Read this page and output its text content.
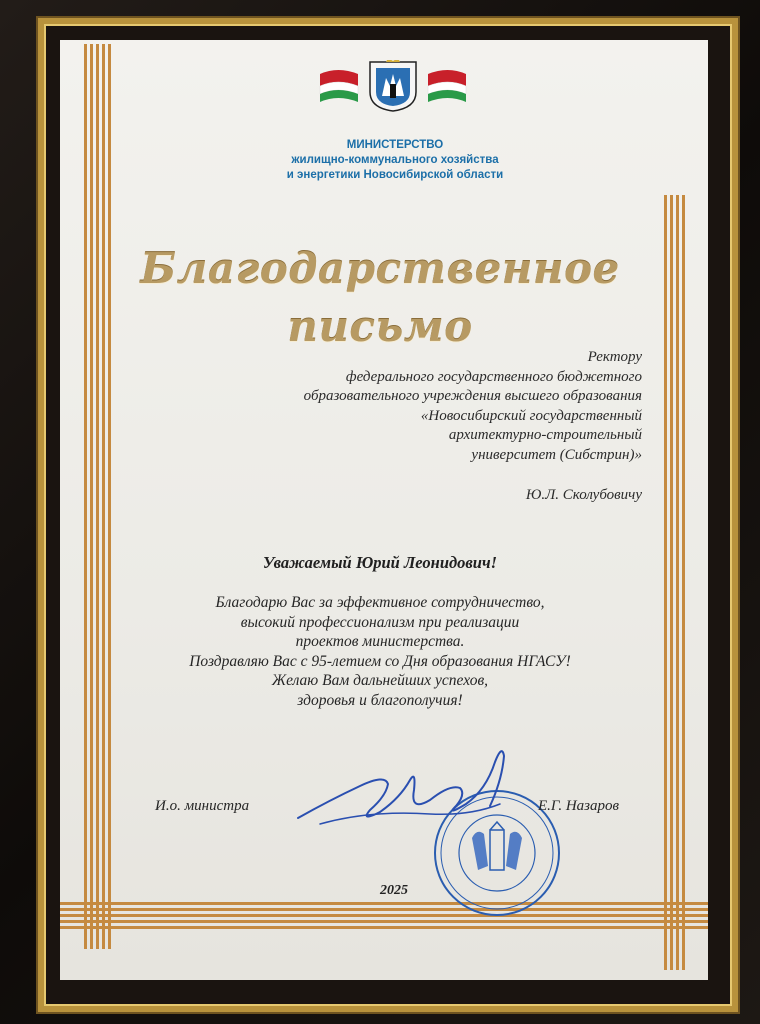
МИНИСТЕРСТВО
жилищно-коммунального хозяйства
и энергетики Новосибирской области
Благодарственное
письмо
Ректору
федерального государственного бюджетного
образовательного учреждения высшего образования
«Новосибирский государственный
архитектурно-строительный
университет (Сибстрин)»
Ю.Л. Сколубовичу
Уважаемый Юрий Леонидович!
Благодарю Вас за эффективное сотрудничество,
высокий профессионализм при реализации
проектов министерства.
Поздравляю Вас с 95-летием со Дня образования НГАСУ!
Желаю Вам дальнейших успехов,
здоровья и благополучия!
И.о. министра	Е.Г. Назаров
2025
